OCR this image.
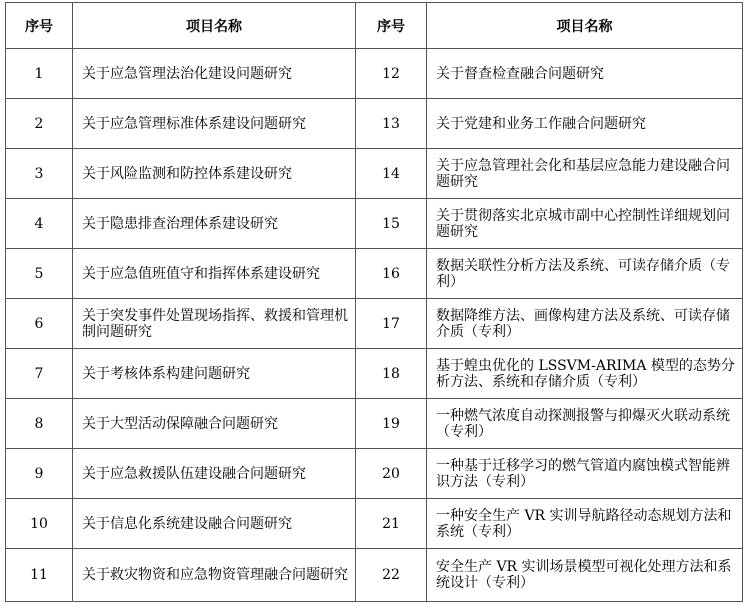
序号	项目名称	序号	项目名称
1	关于应急管理法治化建设问题研究	12	关于督查检查融合问题研究
2	关于应急管理标准体系建设问题研究	13	关于党建和业务工作融合问题研究
3	关于风险监测和防控体系建设研究	14	关于应急管理社会化和基层应急能力建设融合问题研究
4	关于隐患排查治理体系建设研究	15	关于贯彻落实北京城市副中心控制性详细规划问题研究
5	关于应急值班值守和指挥体系建设研究	16	数据关联性分析方法及系统、可读存储介质（专利）
6	关于突发事件处置现场指挥、救援和管理机制问题研究	17	数据降维方法、画像构建方法及系统、可读存储介质（专利）
7	关于考核体系构建问题研究	18	基于蝗虫优化的 LSSVM-ARIMA 模型的态势分析方法、系统和存储介质（专利）
8	关于大型活动保障融合问题研究	19	一种燃气浓度自动探测报警与抑爆灭火联动系统（专利）
9	关于应急救援队伍建设融合问题研究	20	一种基于迁移学习的燃气管道内腐蚀模式智能辨识方法（专利）
10	关于信息化系统建设融合问题研究	21	一种安全生产 VR 实训导航路径动态规划方法和系统（专利）
11	关于救灾物资和应急物资管理融合问题研究	22	安全生产 VR 实训场景模型可视化处理方法和系统设计（专利）
